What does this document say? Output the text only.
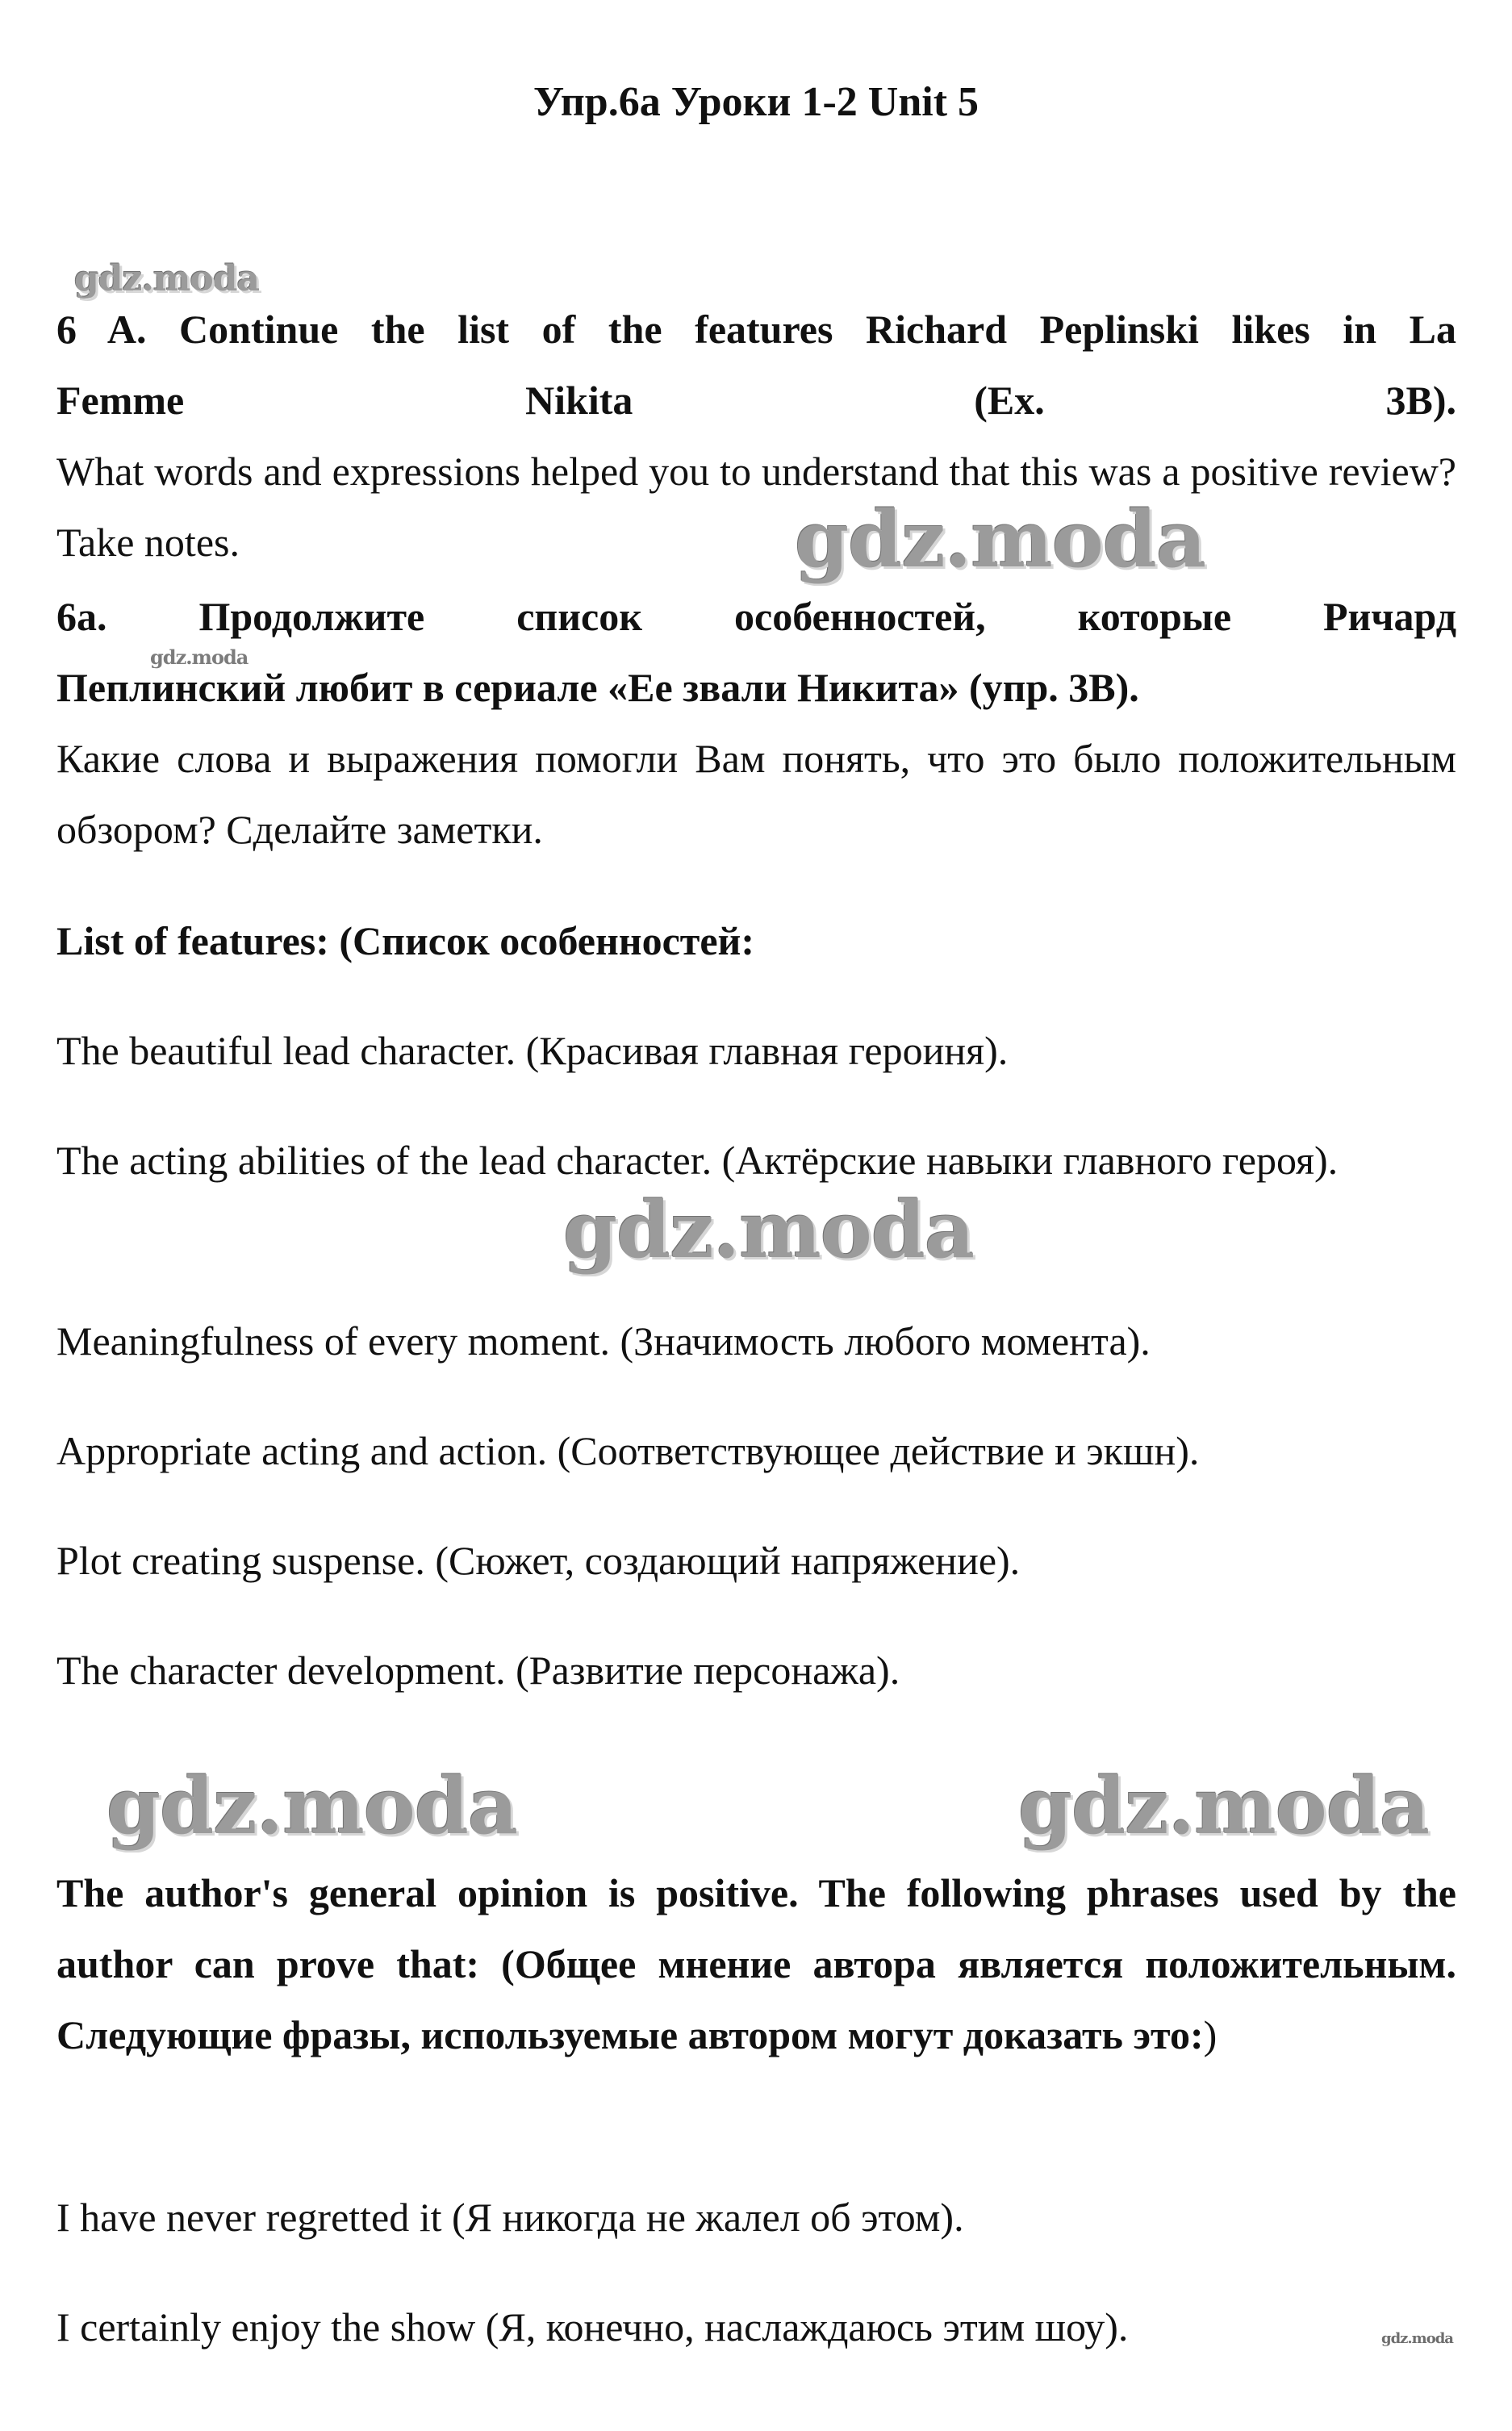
Упр.6а Уроки 1-2 Unit 5
gdz.moda
6 A. Continue the list of the features Richard Peplinski likes in La
Femme	Nikita	(Ex.	3B).

What words and expressions helped you to understand that this was a positive review? Take notes.	gdz.moda
6а. Продолжите список особенностей, которые Ричард
Пеплинский любит в сериале «Ее звали Никита» (упр. 3В).

Какие слова и выражения помогли Вам понять, что это было положительным обзором? Сделайте заметки.

gdz.moda
List of features: (Список особенностей:
The beautiful lead character. (Красивая главная героиня).
The acting abilities of the lead character. (Актёрские навыки главного героя).
gdz.moda
Meaningfulness of every moment. (Значимость любого момента).
Appropriate acting and action. (Соответствующее действие и экшн).
Plot creating suspense. (Сюжет, создающий напряжение).
The character development. (Развитие персонажа).
gdz.moda	gdz.moda
The author's general opinion is positive. The following phrases used by the author can prove that: (Общее мнение автора является положительным. Следующие фразы, используемые автором могут доказать это:)
I have never regretted it (Я никогда не жалел об этом).
I certainly enjoy the show (Я, конечно, наслаждаюсь этим шоу).	gdz.moda
